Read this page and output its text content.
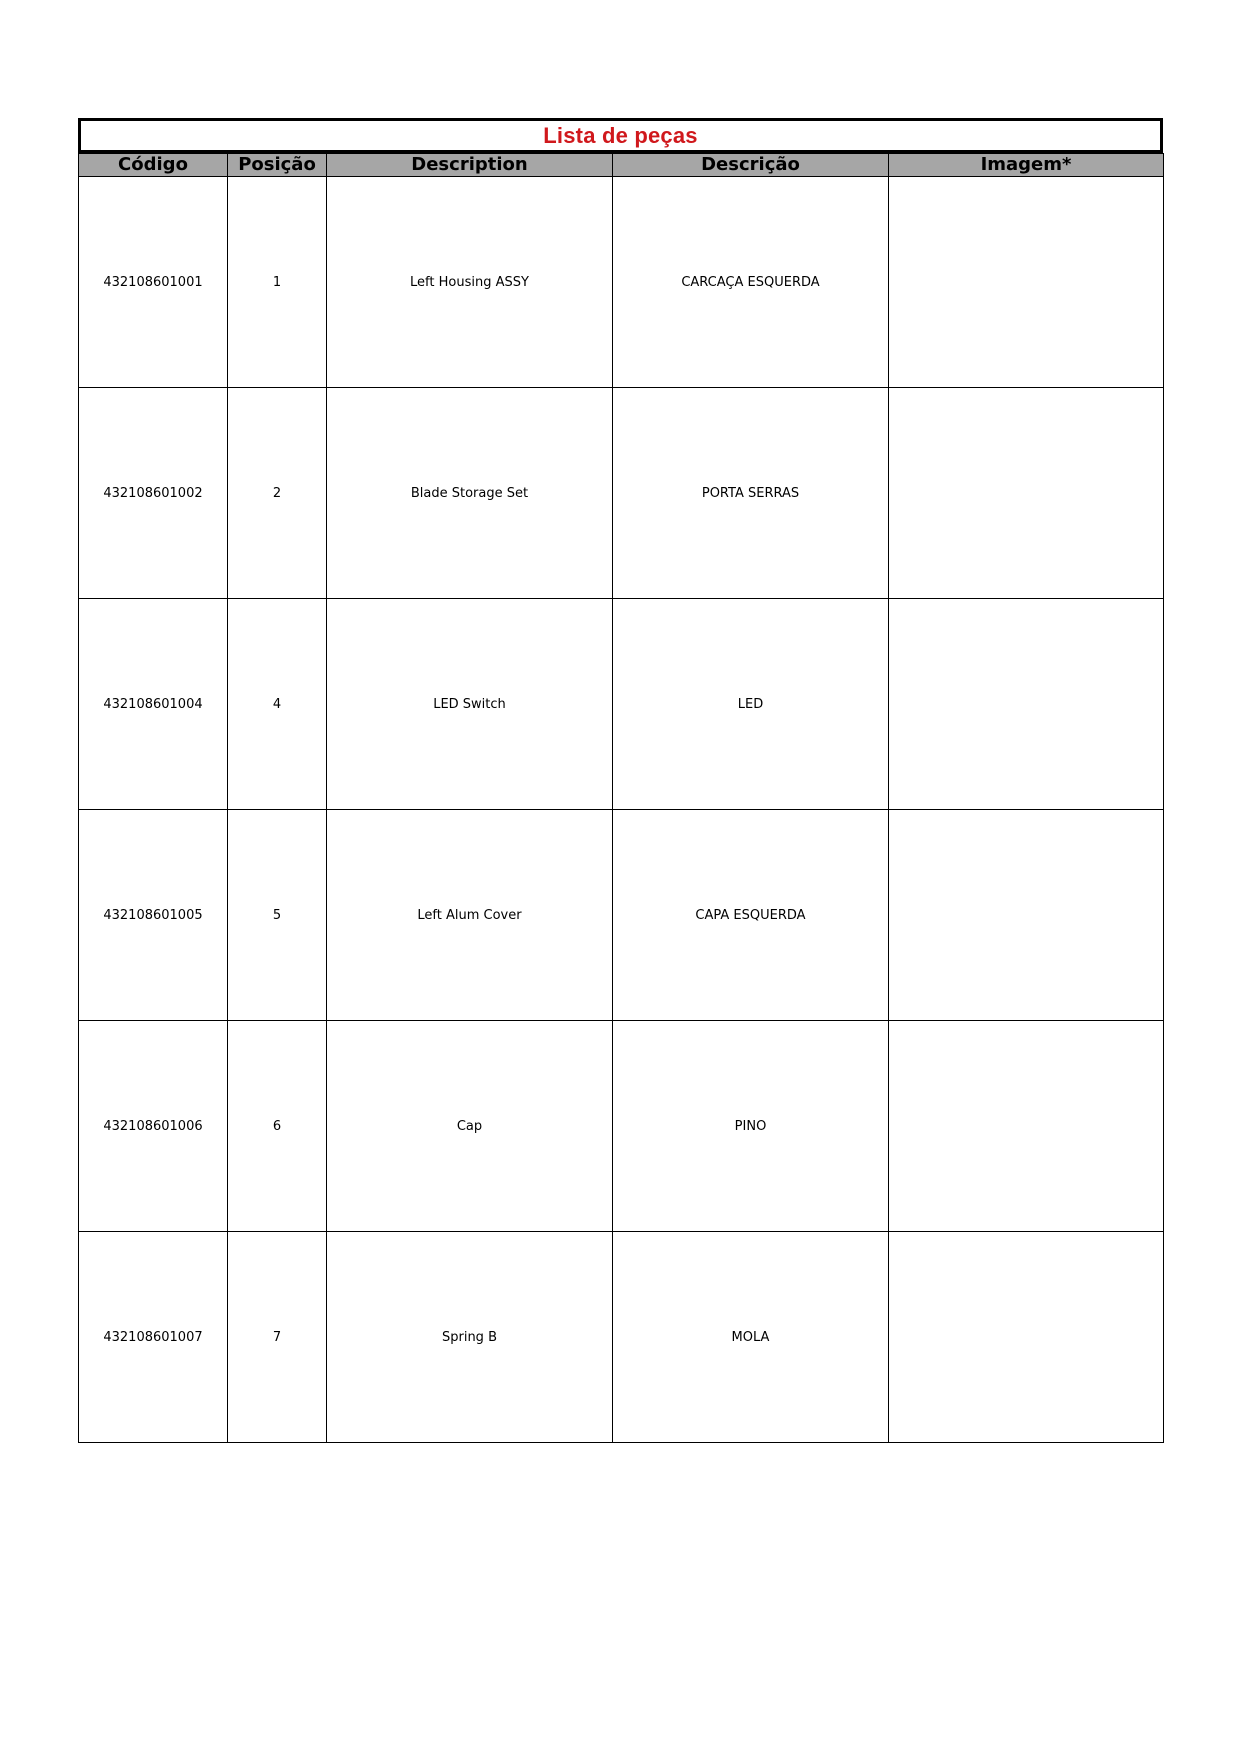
Lista de peças
Código	Posição	Description	Descrição	Imagem*
432108601001	1	Left Housing ASSY	CARCAÇA ESQUERDA	
432108601002	2	Blade Storage Set	PORTA SERRAS	
432108601004	4	LED Switch	LED	
432108601005	5	Left Alum Cover	CAPA ESQUERDA	
432108601006	6	Cap	PINO	
432108601007	7	Spring B	MOLA	
